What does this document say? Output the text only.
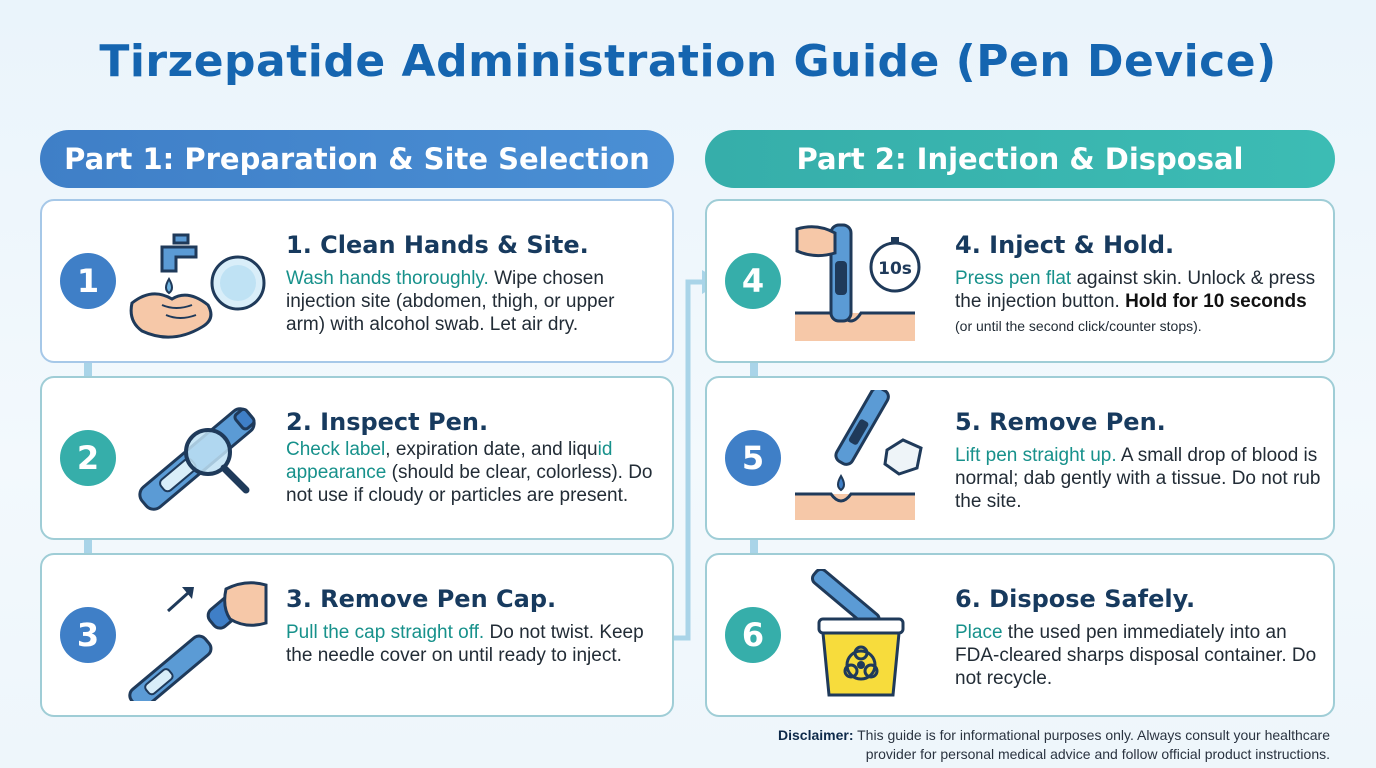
Tirzepatide Administration Guide (Pen Device)
Part 1: Preparation & Site Selection	Part 2: Injection & Disposal
1
1. Clean Hands & Site.
Wash hands thoroughly. Wipe chosen injection site (abdomen, thigh, or upper arm) with alcohol swab. Let air dry.
2
2. Inspect Pen.
Check label, expiration date, and liquid appearance (should be clear, colorless). Do not use if cloudy or particles are present.
3
3. Remove Pen Cap.
Pull the cap straight off. Do not twist. Keep the needle cover on until ready to inject.
4	10s
4. Inject & Hold.
Press pen flat against skin. Unlock & press the injection button. Hold for 10 seconds (or until the second click/counter stops).
5
5. Remove Pen.
Lift pen straight up. A small drop of blood is normal; dab gently with a tissue. Do not rub the site.
6
6. Dispose Safely.
Place the used pen immediately into an FDA-cleared sharps disposal container. Do not recycle.
Disclaimer: This guide is for informational purposes only. Always consult your healthcare provider for personal medical advice and follow official product instructions.
